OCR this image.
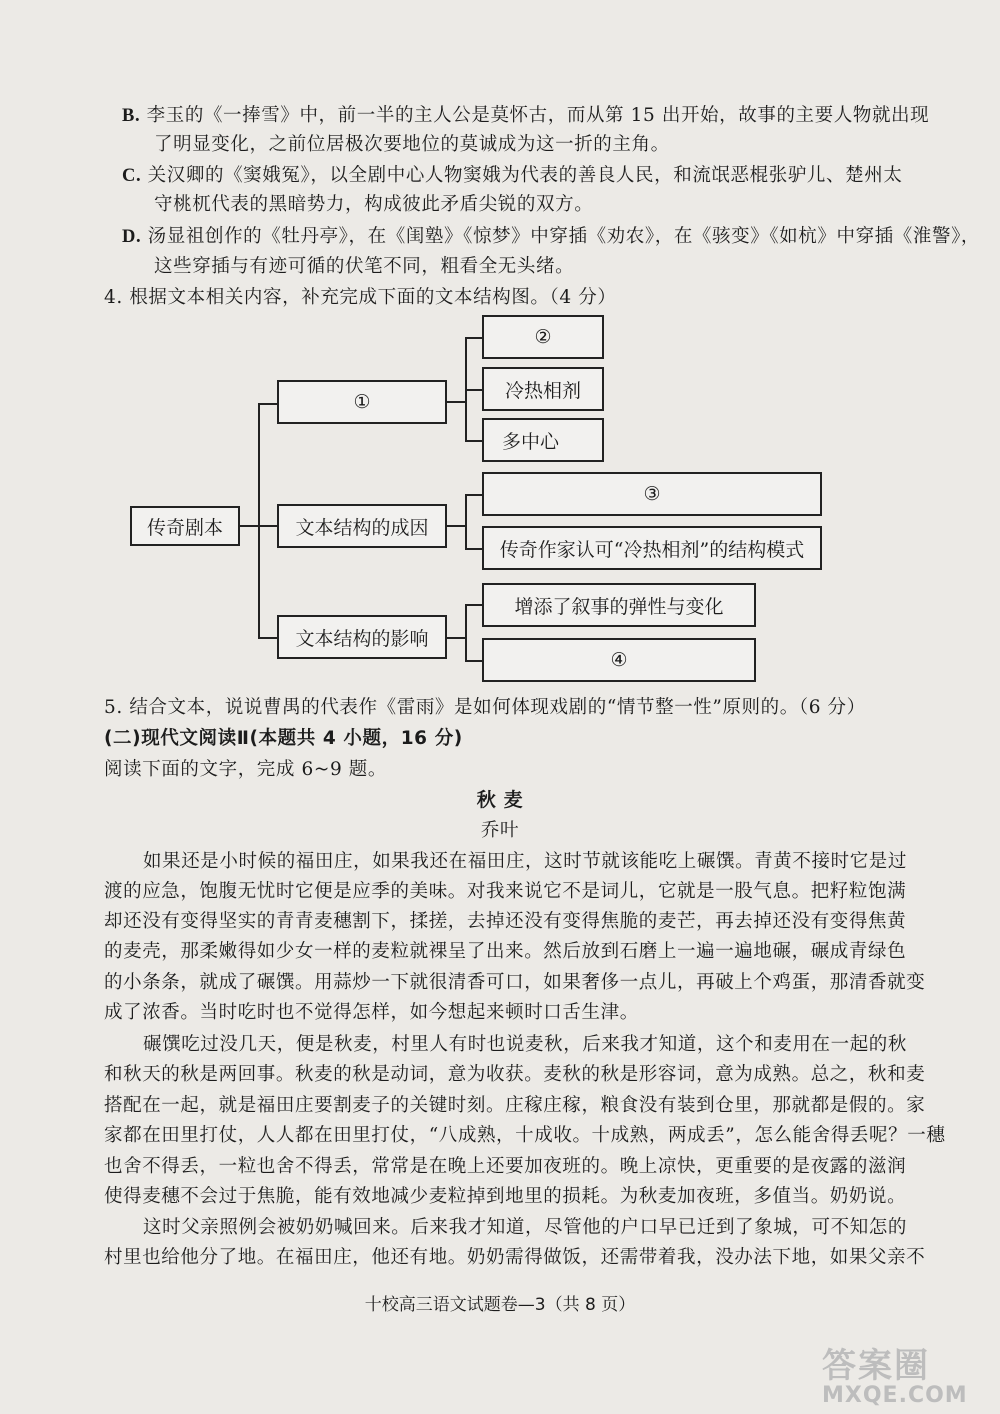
B. 李玉的《一捧雪》中，前一半的主人公是莫怀古，而从第 15 出开始，故事的主要人物就出现
了明显变化，之前位居极次要地位的莫诚成为这一折的主角。
C. 关汉卿的《窦娥冤》，以全剧中心人物窦娥为代表的善良人民，和流氓恶棍张驴儿、楚州太
守桃杌代表的黑暗势力，构成彼此矛盾尖锐的双方。
D. 汤显祖创作的《牡丹亭》，在《闺塾》《惊梦》中穿插《劝农》，在《骇变》《如杭》中穿插《淮警》，
这些穿插与有迹可循的伏笔不同，粗看全无头绪。
4. 根据文本相关内容，补充完成下面的文本结构图。（4 分）
传奇剧本
①
文本结构的成因
文本结构的影响
②
冷热相剂
多中心
③
传奇作家认可“冷热相剂”的结构模式
增添了叙事的弹性与变化
④
5. 结合文本，说说曹禺的代表作《雷雨》是如何体现戏剧的“情节整一性”原则的。（6 分）
(二)现代文阅读Ⅱ(本题共 4 小题，16 分)
阅读下面的文字，完成 6~9 题。
秋 麦
乔叶
如果还是小时候的福田庄，如果我还在福田庄，这时节就该能吃上碾馔。青黄不接时它是过
渡的应急，饱腹无忧时它便是应季的美味。对我来说它不是词儿，它就是一股气息。把籽粒饱满
却还没有变得坚实的青青麦穗割下，揉搓，去掉还没有变得焦脆的麦芒，再去掉还没有变得焦黄
的麦壳，那柔嫩得如少女一样的麦粒就裸呈了出来。然后放到石磨上一遍一遍地碾，碾成青绿色
的小条条，就成了碾馔。用蒜炒一下就很清香可口，如果奢侈一点儿，再破上个鸡蛋，那清香就变
成了浓香。当时吃时也不觉得怎样，如今想起来顿时口舌生津。
碾馔吃过没几天，便是秋麦，村里人有时也说麦秋，后来我才知道，这个和麦用在一起的秋
和秋天的秋是两回事。秋麦的秋是动词，意为收获。麦秋的秋是形容词，意为成熟。总之，秋和麦
搭配在一起，就是福田庄要割麦子的关键时刻。庄稼庄稼，粮食没有装到仓里，那就都是假的。家
家都在田里打仗，人人都在田里打仗，“八成熟，十成收。十成熟，两成丢”，怎么能舍得丢呢？一穗
也舍不得丢，一粒也舍不得丢，常常是在晚上还要加夜班的。晚上凉快，更重要的是夜露的滋润
使得麦穗不会过于焦脆，能有效地减少麦粒掉到地里的损耗。为秋麦加夜班，多值当。奶奶说。
这时父亲照例会被奶奶喊回来。后来我才知道，尽管他的户口早已迁到了象城，可不知怎的
村里也给他分了地。在福田庄，他还有地。奶奶需得做饭，还需带着我，没办法下地，如果父亲不
十校高三语文试题卷—3（共 8 页）
答案圈
MXQE.COM
